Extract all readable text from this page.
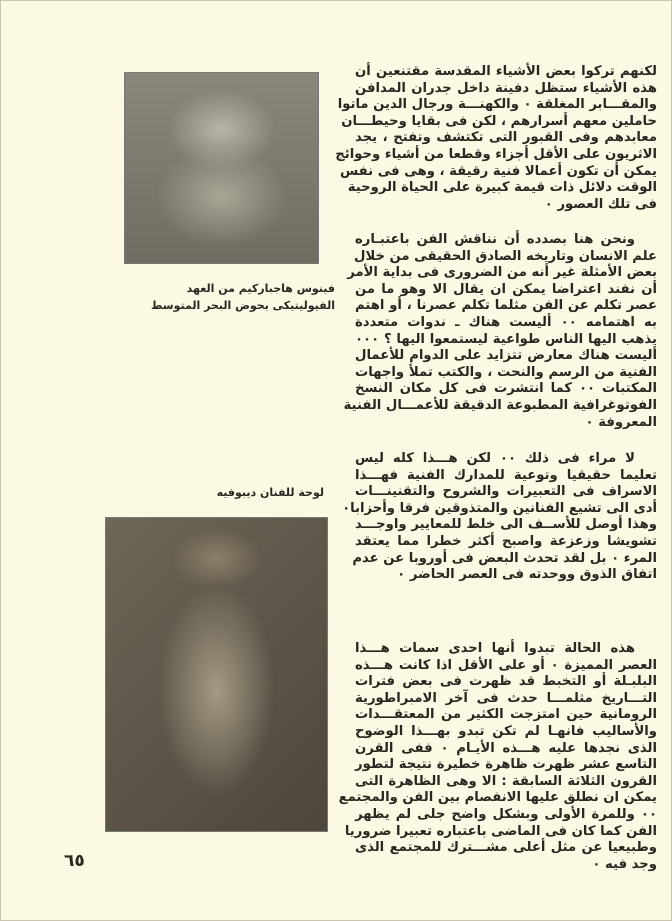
فينوس هاجباركيم من العهد
الفيوليتيكى بحوض البحر المتوسط
لوحة للفنان ديبوفيه
لكنهم تركوا بعض الأشياء المقدسة مقتنعين أن
هذه الأشياء ستظل دفينة داخل جدران المدافن
والمقـــابر المغلقة ٠ والكهنـــة ورجال الدين ماتوا
حاملين معهم أسرارهم ، لكن فى بقايا وحيطـــان
معابدهم وفى القبور التى تكتشف وتفتح ، يجد
الاثريون على الأقل أجزاء وقطعا من أشياء وحوائج
يمكن أن تكون أعمالا فنية رقيقة ، وهى فى نفس
الوقت دلائل ذات قيمة كبيرة على الحياة الروحية
فى تلك العصور ٠
ونحن هنا بصدده أن نناقش الفن باعتبـاره
علم الانسان وتاريخه الصادق الحقيقى من خلال
بعض الأمثلة غير أنه من الضرورى فى بداية الأمر
أن نفند اعتراضا يمكن ان يقال الا وهو ما من
عصر تكلم عن الفن مثلما تكلم عصرنا ، أو اهتم
به اهتمامه ٠٠ أليست هناك ـ ندوات متعددة
يذهب اليها الناس طواعية ليستمعوا اليها ؟ ٠٠٠
أليست هناك معارض تتزايد على الدوام للأعمال
الفنية من الرسم والنحت ، والكتب تملأ واجهات
المكتبات ٠٠ كما انتشرت فى كل مكان النسخ
الفوتوغرافية المطبوعة الدقيقة للأعمـــال الفنية
المعروفة ٠
لا مراء فى ذلك ٠٠ لكن هـــذا كله ليس
تعليما حقيقيا وتوعية للمدارك الفنية فهـــذا
الاسراف فى التعبيرات والشروح والتقنينـــات
أدى الى تشيع الفنانين والمتذوقين فرقا وأحزابا٠
وهذا أوصل للأســف الى خلط للمعايير واوجـــد
تشويشا وزعزعة واصبح أكثر خطرا مما يعتقد
المرء ٠ بل لقد تحدث البعض فى أوروبا عن عدم
اتفاق الذوق ووحدته فى العصر الحاضر ٠
هذه الحالة تبدوا أنها احدى سمات هـــذا
العصر المميزة ٠ أو على الأقل اذا كانت هـــذه
البلبـلة أو التخبط قد ظهرت فى بعض فترات
التـــاريخ مثلمـــا حدث فى آخر الامبراطورية
الرومانية حين امتزجت الكثير من المعتقـــدات
والأساليب فانهـا لم تكن تبدو بهـــذا الوضوح
الذى نجدها عليه هـــذه الأيـام ٠ ففى القرن
التاسع عشر ظهرت ظاهرة خطيرة نتيجة لتطور
القرون الثلاثة السابقة : الا وهى الظاهرة التى
يمكن ان نطلق عليها الانفصام بين الفن والمجتمع
٠٠ وللمرة الأولى وبشكل واضح جلى لم يظهر
الفن كما كان فى الماضى باعتباره تعبيرا ضروريا
وطبيعيا عن مثل أعلى مشـــترك للمجتمع الذى
وجد فيه ٠
٦٥
